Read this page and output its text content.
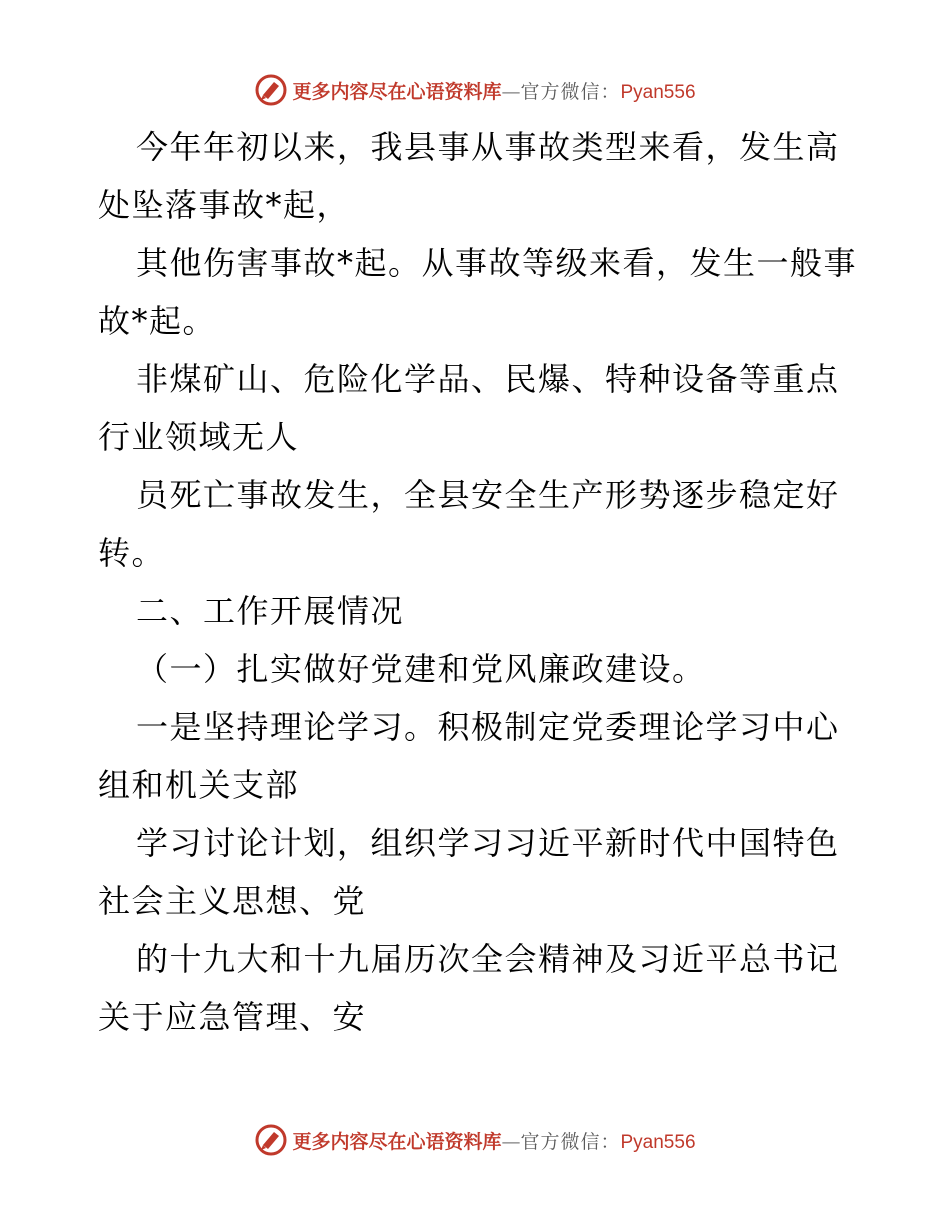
更多内容尽在心语资料库—官方微信：Pyan556

今年年初以来，我县事从事故类型来看，发生高处坠落事故*起，

其他伤害事故*起。从事故等级来看，发生一般事故*起。

非煤矿山、危险化学品、民爆、特种设备等重点行业领域无人

员死亡事故发生，全县安全生产形势逐步稳定好转。

二、工作开展情况

（一）扎实做好党建和党风廉政建设。

一是坚持理论学习。积极制定党委理论学习中心组和机关支部

学习讨论计划，组织学习习近平新时代中国特色社会主义思想、党

的十九大和十九届历次全会精神及习近平总书记关于应急管理、安

更多内容尽在心语资料库—官方微信：Pyan556
